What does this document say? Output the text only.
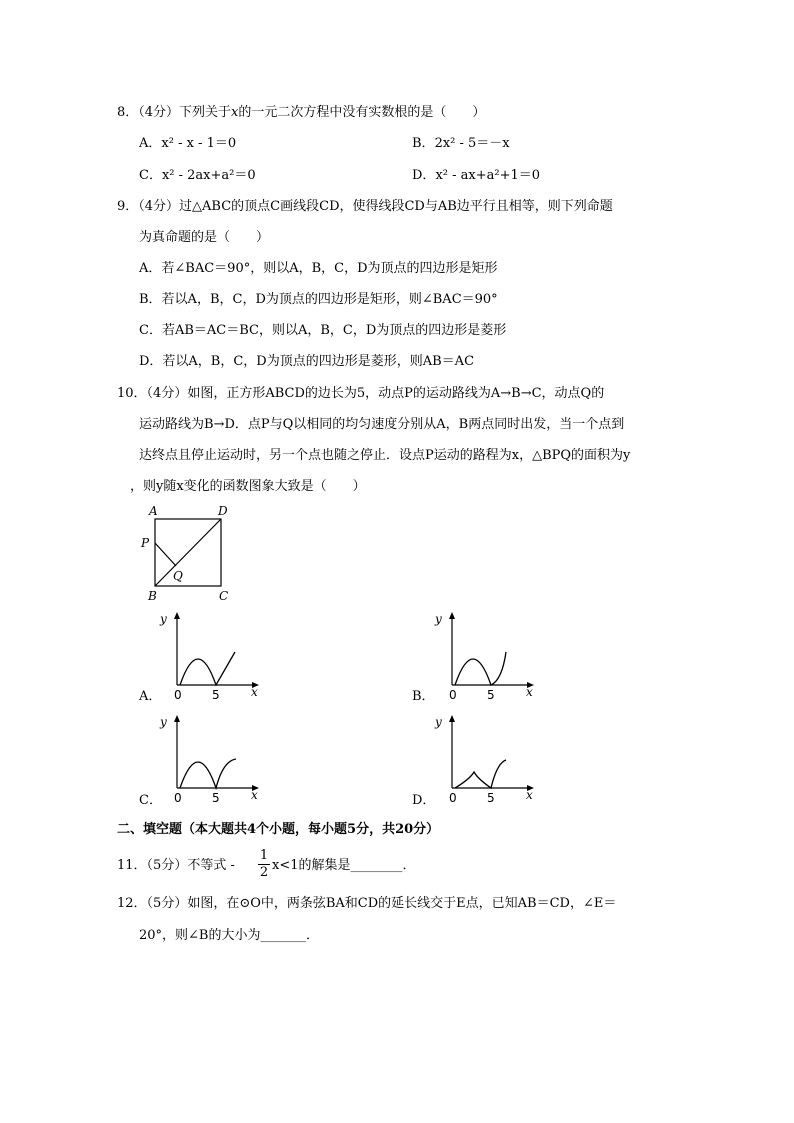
8．（4分）下列关于x的一元二次方程中没有实数根的是（　　）
A．x² - x - 1＝0	B．2x² - 5＝－x
C．x² - 2ax+a²＝0	D．x² - ax+a²+1＝0
9．（4分）过△ABC的顶点C画线段CD，使得线段CD与AB边平行且相等，则下列命题
为真命题的是（　　）
A．若∠BAC＝90°，则以A，B，C，D为顶点的四边形是矩形
B．若以A，B，C，D为顶点的四边形是矩形，则∠BAC＝90°
C．若AB＝AC＝BC，则以A，B，C，D为顶点的四边形是菱形
D．若以A，B，C，D为顶点的四边形是菱形，则AB＝AC
10．（4分）如图，正方形ABCD的边长为5，动点P的运动路线为A→B→C，动点Q的
运动路线为B→D．点P与Q以相同的均匀速度分别从A，B两点同时出发，当一个点到
达终点且停止运动时，另一个点也随之停止．设点P运动的路程为x，△BPQ的面积为y
，则y随x变化的函数图象大致是（　　）
A	D
P
Q
B	C
A．
y
x
0	5	B．
y
x
0	5
C．
y
x
0	5	D．
y
x
0	5
二、填空题（本大题共4个小题，每小题5分，共20分）
11．（5分）不等式 -
1
2 x<1的解集是________．
12．（5分）如图，在⊙O中，两条弦BA和CD的延长线交于E点，已知AB＝CD，∠E＝
20°，则∠B的大小为_______．
